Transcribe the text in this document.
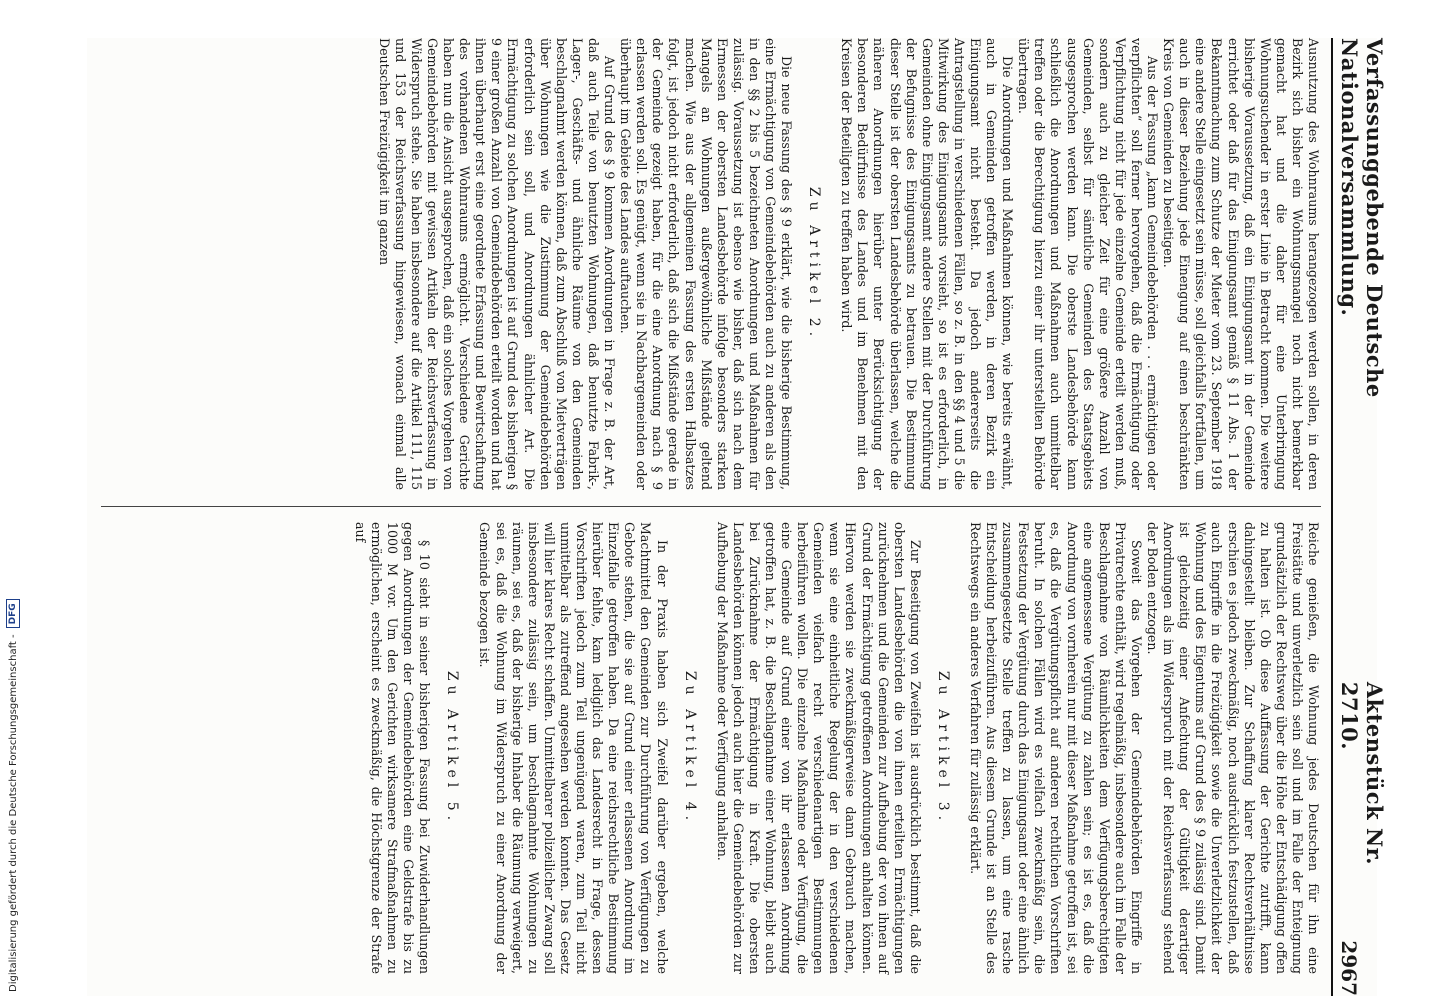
Verfassunggebende Deutsche Nationalversammlung.
Aktenstück Nr. 2710.
2967

Ausnutzung des Wohnraums herangezogen werden sollen, in deren Bezirk sich bisher ein Wohnungsmangel noch nicht bemerkbar gemacht hat und die daher für eine Unterbringung Wohnungsuchender in erster Linie in Betracht kommen. Die weitere bisherige Voraussetzung, daß ein Einigungsamt in der Gemeinde errichtet oder daß für das Einigungsamt gemäß § 11 Abs. 1 der Bekanntmachung zum Schutze der Mieter vom 23. September 1918 eine andere Stelle eingesetzt sein müsse, soll gleichfalls fortfallen, um auch in dieser Beziehung jede Einengung auf einen beschränkten Kreis von Gemeinden zu beseitigen.

Aus der Fassung „kann Gemeindebehörden . . . ermächtigen oder verpflichten“ soll ferner hervorgehen, daß die Ermächtigung oder Verpflichtung nicht für jede einzelne Gemeinde erteilt werden muß, sondern auch zu gleicher Zeit für eine größere Anzahl von Gemeinden, selbst für sämtliche Gemeinden des Staatsgebiets ausgesprochen werden kann. Die oberste Landesbehörde kann schließlich die Anordnungen und Maßnahmen auch unmittelbar treffen oder die Berechtigung hierzu einer ihr unterstellten Behörde übertragen.

Die Anordnungen und Maßnahmen können, wie bereits erwähnt, auch in Gemeinden getroffen werden, in deren Bezirk ein Einigungsamt nicht besteht. Da jedoch andererseits die Antragstellung in verschiedenen Fällen, so z. B. in den §§ 4 und 5 die Mitwirkung des Einigungsamts vorsieht, so ist es erforderlich, in Gemeinden ohne Einigungsamt andere Stellen mit der Durchführung der Befugnisse des Einigungsamts zu betrauen. Die Bestimmung dieser Stelle ist der obersten Landesbehörde überlassen, welche die näheren Anordnungen hierüber unter Berücksichtigung der besonderen Bedürfnisse des Landes und im Benehmen mit den Kreisen der Beteiligten zu treffen haben wird.

Zu Artikel 2.

Die neue Fassung des § 9 erklärt, wie die bisherige Bestimmung, eine Ermächtigung von Gemeindebehörden auch zu anderen als den in den §§ 2 bis 5 bezeichneten Anordnungen und Maßnahmen für zulässig. Voraussetzung ist ebenso wie bisher, daß sich nach dem Ermessen der obersten Landesbehörde infolge besonders starken Mangels an Wohnungen außergewöhnliche Mißstände geltend machen. Wie aus der allgemeinen Fassung des ersten Halbsatzes folgt, ist jedoch nicht erforderlich, daß sich die Mißstände gerade in der Gemeinde gezeigt haben, für die eine Anordnung nach § 9 erlassen werden soll. Es genügt, wenn sie in Nachbargemeinden oder überhaupt im Gebiete des Landes auftauchen.

Auf Grund des § 9 kommen Anordnungen in Frage z. B. der Art, daß auch Teile von benutzten Wohnungen, daß benutzte Fabrik-, Lager-, Geschäfts- und ähnliche Räume von den Gemeinden beschlagnahmt werden können, daß zum Abschluß von Mietverträgen über Wohnungen wie die Zustimmung der Gemeindebehörden erforderlich sein soll, und Anordnungen ähnlicher Art. Die Ermächtigung zu solchen Anordnungen ist auf Grund des bisherigen § 9 einer großen Anzahl von Gemeindebehörden erteilt worden und hat ihnen überhaupt erst eine geordnete Erfassung und Bewirtschaftung des vorhandenen Wohnraums ermöglicht. Verschiedene Gerichte haben nun die Ansicht ausgesprochen, daß ein solches Vorgehen von Gemeindebehörden mit gewissen Artikeln der Reichsverfassung in Widerspruch stehe. Sie haben insbesondere auf die Artikel 111, 115 und 153 der Reichsverfassung hingewiesen, wonach einmal alle Deutschen Freizügigkeit im ganzen

Reiche genießen, die Wohnung jedes Deutschen für ihn eine Freistätte und unverletzlich sein soll und im Falle der Enteignung grundsätzlich der Rechtsweg über die Höhe der Entschädigung offen zu halten ist. Ob diese Auffassung der Gerichte zutrifft, kann dahingestellt bleiben. Zur Schaffung klarer Rechtsverhältnisse erschien es jedoch zweckmäßig, noch ausdrücklich festzustellen, daß auch Eingriffe in die Freizügigkeit sowie die Unverletzlichkeit der Wohnung und des Eigentums auf Grund des § 9 zulässig sind. Damit ist gleichzeitig einer Anfechtung der Gültigkeit derartiger Anordnungen als im Widerspruch mit der Reichsverfassung stehend der Boden entzogen.

Soweit das Vorgehen der Gemeindebehörden Eingriffe in Privatrechte enthält, wird regelmäßig, insbesondere auch im Falle der Beschlagnahme von Räumlichkeiten dem Verfügungsberechtigten eine angemessene Vergütung zu zahlen sein; es ist es, daß die Anordnung von vornherein nur mit dieser Maßnahme getroffen ist, sei es, daß die Vergütungspflicht auf anderen rechtlichen Vorschriften beruht. In solchen Fällen wird es vielfach zweckmäßig sein, die Festsetzung der Vergütung durch das Einigungsamt oder eine ähnlich zusammengesetzte Stelle treffen zu lassen, um eine rasche Entscheidung herbeizuführen. Aus diesem Grunde ist an Stelle des Rechtswegs ein anderes Verfahren für zulässig erklärt.

Zu Artikel 3.

Zur Beseitigung von Zweifeln ist ausdrücklich bestimmt, daß die obersten Landesbehörden die von ihnen erteilten Ermächtigungen zurücknehmen und die Gemeinden zur Aufhebung der von ihnen auf Grund der Ermächtigung getroffenen Anordnungen anhalten können. Hiervon werden sie zweckmäßigerweise dann Gebrauch machen, wenn sie eine einheitliche Regelung der in den verschiedenen Gemeinden vielfach recht verschiedenartigen Bestimmungen herbeiführen wollen. Die einzelne Maßnahme oder Verfügung, die eine Gemeinde auf Grund einer von ihr erlassenen Anordnung getroffen hat, z. B. die Beschlagnahme einer Wohnung, bleibt auch bei Zurücknahme der Ermächtigung in Kraft. Die obersten Landesbehörden können jedoch auch hier die Gemeindebehörden zur Aufhebung der Maßnahme oder Verfügung anhalten.

Zu Artikel 4.

In der Praxis haben sich Zweifel darüber ergeben, welche Machtmittel den Gemeinden zur Durchführung von Verfügungen zu Gebote stehen, die sie auf Grund einer erlassenen Anordnung im Einzelfalle getroffen haben. Da eine reichsrechtliche Bestimmung hierüber fehlte, kam lediglich das Landesrecht in Frage, dessen Vorschriften jedoch zum Teil ungenügend waren, zum Teil nicht unmittelbar als zutreffend angesehen werden konnten. Das Gesetz will hier klares Recht schaffen. Unmittelbarer polizeilicher Zwang soll insbesondere zulässig sein, um beschlagnahmte Wohnungen zu räumen, sei es, daß der bisherige Inhaber die Räumung verweigert, sei es, daß die Wohnung im Widerspruch zu einer Anordnung der Gemeinde bezogen ist.

Zu Artikel 5.

§ 10 sieht in seiner bisherigen Fassung bei Zuwiderhandlungen gegen Anordnungen der Gemeindebehörden eine Geldstrafe bis zu 1000 M vor. Um den Gerichten wirksamere Strafmaßnahmen zu ermöglichen, erscheint es zweckmäßig, die Höchstgrenze der Strafe auf

Digitalisierung gefördert durch die Deutsche Forschungsgemeinschaft -
DFG
